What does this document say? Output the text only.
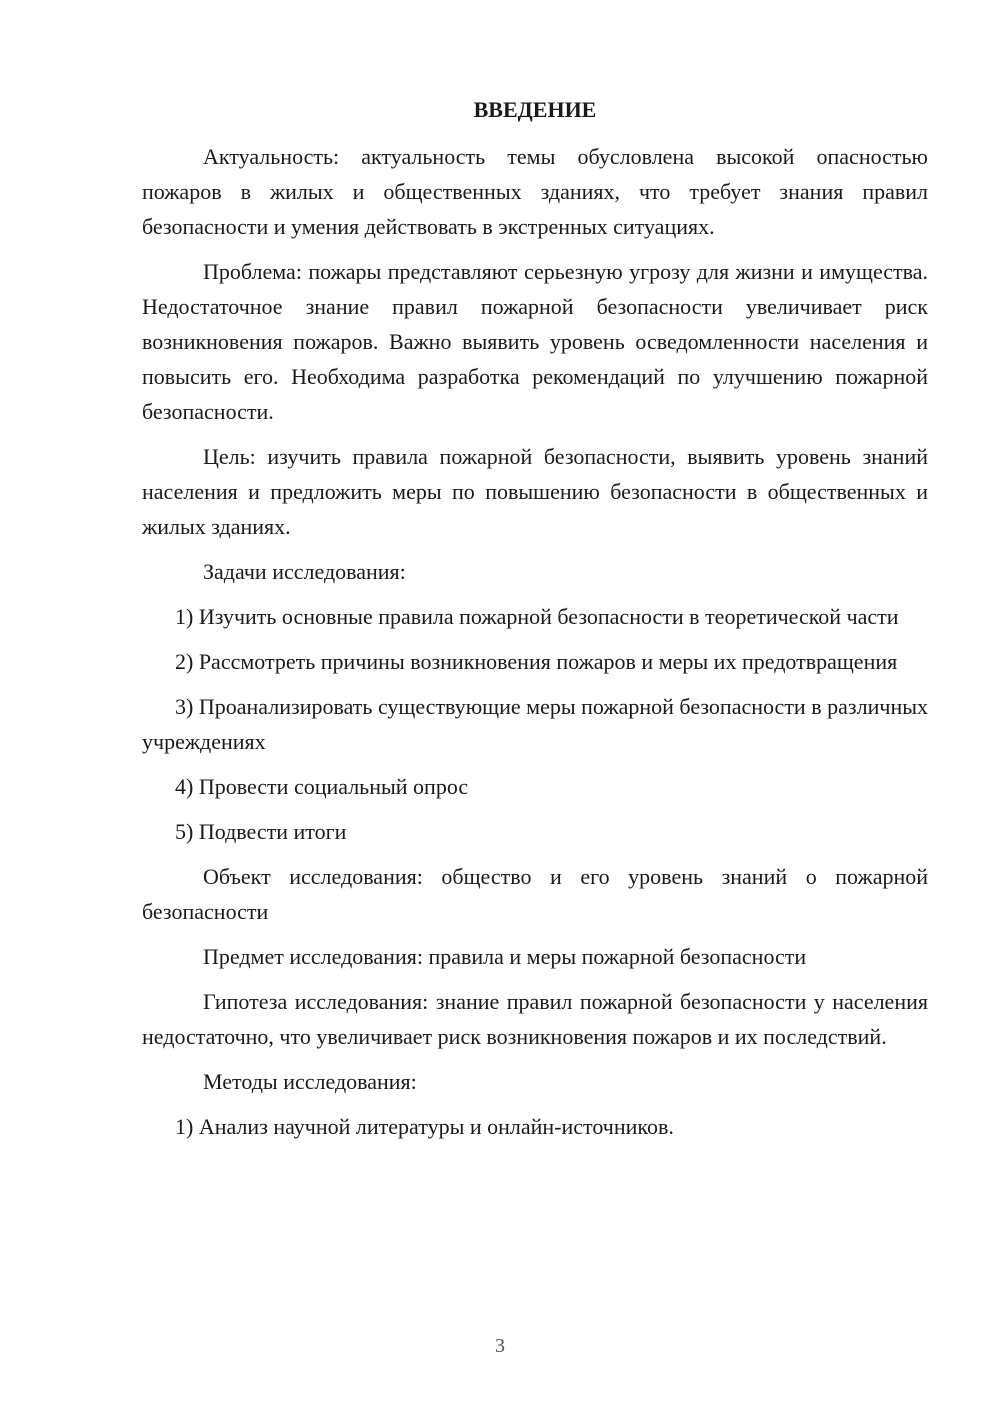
ВВЕДЕНИЕ

Актуальность: актуальность темы обусловлена высокой опасностью пожаров в жилых и общественных зданиях, что требует знания правил безопасности и умения действовать в экстренных ситуациях.

Проблема: пожары представляют серьезную угрозу для жизни и имущества. Недостаточное знание правил пожарной безопасности увеличивает риск возникновения пожаров. Важно выявить уровень осведомленности населения и повысить его. Необходима разработка рекомендаций по улучшению пожарной безопасности.

Цель: изучить правила пожарной безопасности, выявить уровень знаний населения и предложить меры по повышению безопасности в общественных и жилых зданиях.

Задачи исследования:

1) Изучить основные правила пожарной безопасности в теоретической части

2) Рассмотреть причины возникновения пожаров и меры их предотвращения

3) Проанализировать существующие меры пожарной безопасности в различных учреждениях

4) Провести социальный опрос

5) Подвести итоги

Объект исследования: общество и его уровень знаний о пожарной безопасности

Предмет исследования: правила и меры пожарной безопасности

Гипотеза исследования: знание правил пожарной безопасности у населения недостаточно, что увеличивает риск возникновения пожаров и их последствий.

Методы исследования:

1) Анализ научной литературы и онлайн-источников.

3
